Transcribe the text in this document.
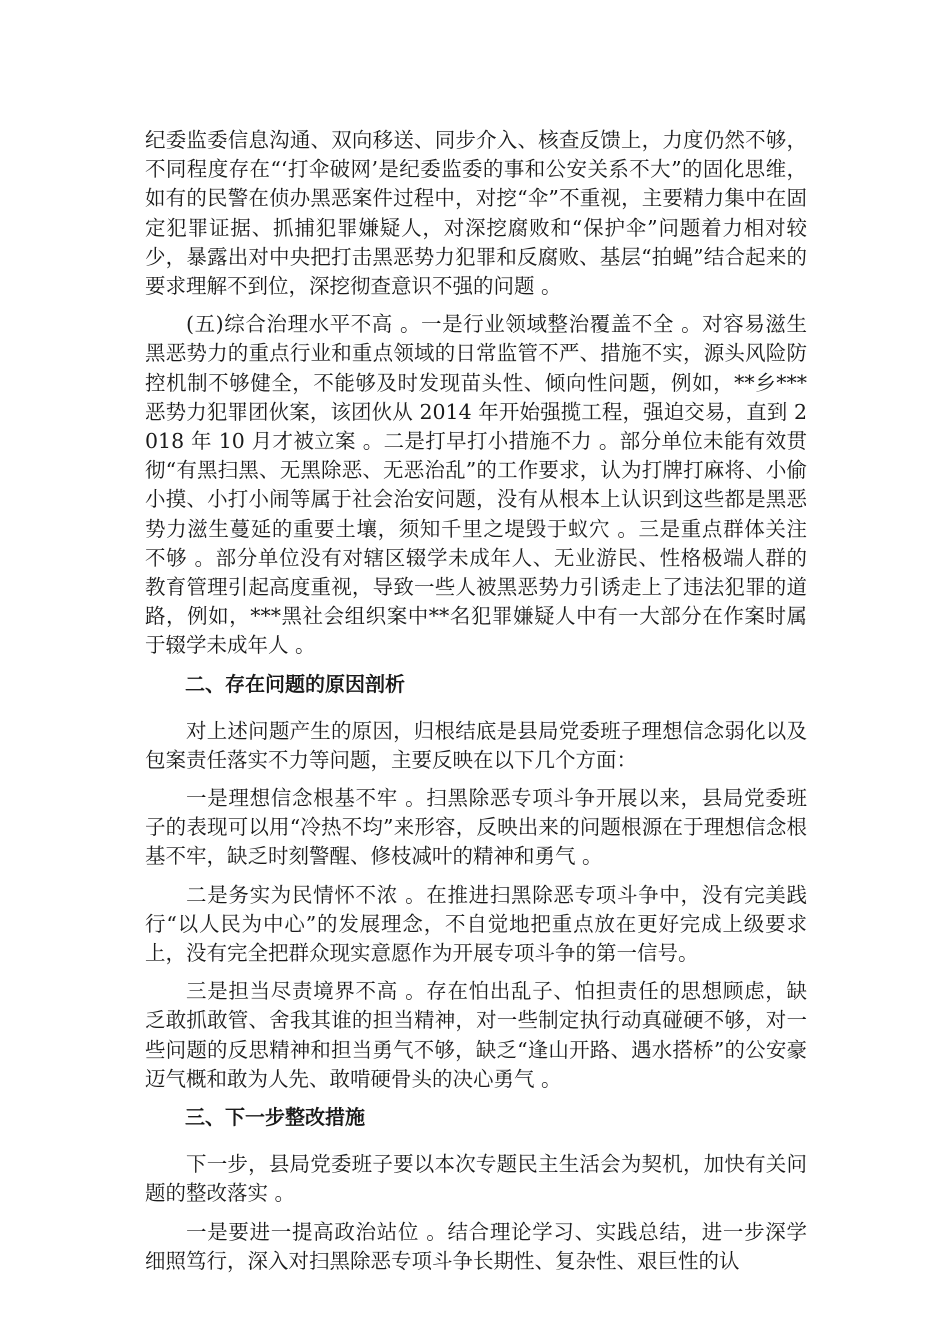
纪委监委信息沟通、双向移送、同步介入、核查反馈上，力度仍然不够，不同程度存在“‘打伞破网’是纪委监委的事和公安关系不大”的固化思维，如有的民警在侦办黑恶案件过程中，对挖“伞”不重视，主要精力集中在固定犯罪证据、抓捕犯罪嫌疑人，对深挖腐败和“保护伞”问题着力相对较少，暴露出对中央把打击黑恶势力犯罪和反腐败、基层“拍蝇”结合起来的要求理解不到位，深挖彻查意识不强的问题 。

(五)综合治理水平不高 。一是行业领域整治覆盖不全 。对容易滋生黑恶势力的重点行业和重点领域的日常监管不严、措施不实，源头风险防控机制不够健全，不能够及时发现苗头性、倾向性问题，例如，**乡***恶势力犯罪团伙案，该团伙从 2014 年开始强揽工程，强迫交易，直到 2018 年 10 月才被立案 。二是打早打小措施不力 。部分单位未能有效贯彻“有黑扫黑、无黑除恶、无恶治乱”的工作要求，认为打牌打麻将、小偷小摸、小打小闹等属于社会治安问题，没有从根本上认识到这些都是黑恶势力滋生蔓延的重要土壤，须知千里之堤毁于蚁穴 。三是重点群体关注不够 。部分单位没有对辖区辍学未成年人、无业游民、性格极端人群的教育管理引起高度重视，导致一些人被黑恶势力引诱走上了违法犯罪的道路，例如，***黑社会组织案中**名犯罪嫌疑人中有一大部分在作案时属于辍学未成年人 。

二、存在问题的原因剖析

对上述问题产生的原因，归根结底是县局党委班子理想信念弱化以及包案责任落实不力等问题，主要反映在以下几个方面：

一是理想信念根基不牢 。扫黑除恶专项斗争开展以来，县局党委班子的表现可以用“冷热不均”来形容，反映出来的问题根源在于理想信念根基不牢，缺乏时刻警醒、修枝减叶的精神和勇气 。

二是务实为民情怀不浓 。在推进扫黑除恶专项斗争中，没有完美践行“以人民为中心”的发展理念，不自觉地把重点放在更好完成上级要求上，没有完全把群众现实意愿作为开展专项斗争的第一信号。

三是担当尽责境界不高 。存在怕出乱子、怕担责任的思想顾虑，缺乏敢抓敢管、舍我其谁的担当精神，对一些制定执行动真碰硬不够，对一些问题的反思精神和担当勇气不够，缺乏“逢山开路、遇水搭桥”的公安豪迈气概和敢为人先、敢啃硬骨头的决心勇气 。

三、下一步整改措施

下一步，县局党委班子要以本次专题民主生活会为契机，加快有关问题的整改落实 。

一是要进一提高政治站位 。结合理论学习、实践总结，进一步深学细照笃行，深入对扫黑除恶专项斗争长期性、复杂性、艰巨性的认
